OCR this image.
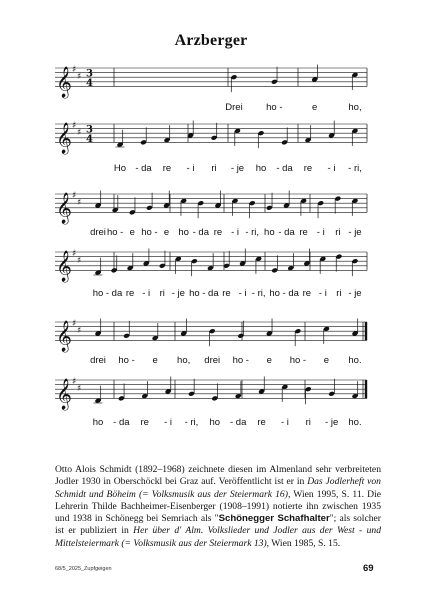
Arzberger
𝄞 ♯
♯ 3
4
Drei ho -	e	ho,
𝄞 ♯
♯ 3
4
Ho - da re - i ri - je ho - da re - i - ri,
𝄞 ♯
♯
drei ho - e ho - e ho - da re - i - ri, ho - da re - i ri - je
𝄞 ♯
♯
ho - da re - i ri - je ho - da re - i - ri, ho - da re - i ri - je
𝄞 ♯
♯
drei ho - e ho, drei ho - e ho - e ho.
𝄞 ♯
♯
ho - da re - i - ri, ho - da re - i ri - je ho.
Otto Alois Schmidt (1892–1968) zeichnete diesen im Almenland sehr verbreiteten Jodler 1930 in Oberschöckl bei Graz auf. Veröffentlicht ist er in Das Jodlerheft von Schmidt und Böheim (= Volksmusik aus der Steiermark 16), Wien 1995, S. 11. Die Lehrerin Thilde Bachheimer-Eisenberger (1908–1991) notierte ihn zwischen 1935 und 1938 in Schönegg bei Semriach als "Schönegger Schafhalter"; als solcher ist er publiziert in Her über d' Alm. Volkslieder und Jodler aus der West - und Mittelsteiermark (= Volksmusik aus der Steiermark 13), Wien 1985, S. 15.
68/5_2025_Zupfgeigen	69
